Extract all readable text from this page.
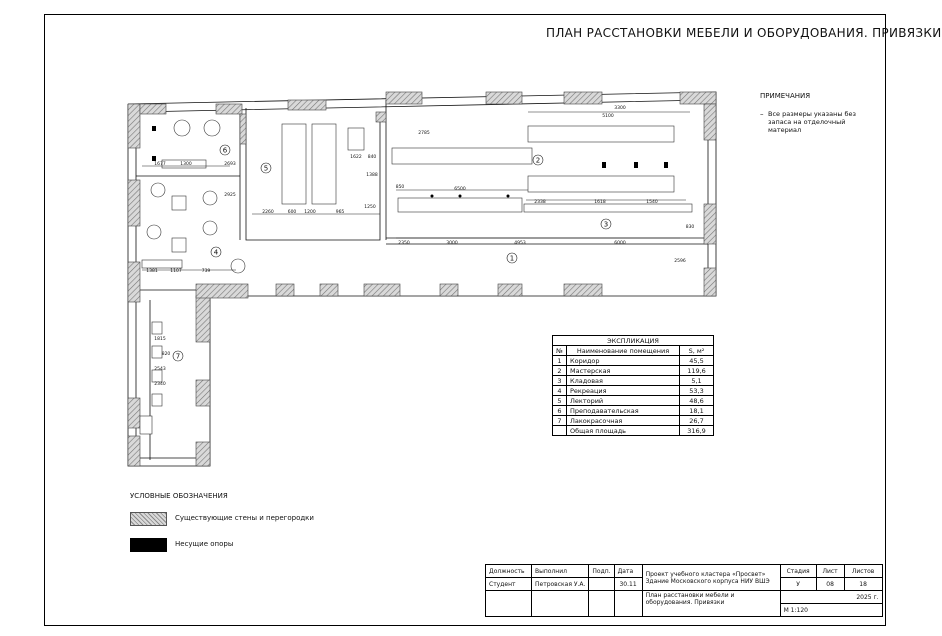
ПЛАН РАССТАНОВКИ МЕБЕЛИ И ОБОРУДОВАНИЯ. ПРИВЯЗКИ
ПРИМЕЧАНИЯ
– Все размеры указаны без запаса на отделочный материал
1
2
3
4
5
6
7
2350	3000	4953	6000
6500
5100
3300
2260	600 1200	965
1622 840
2785
1677	1300	2693
1381	1107	739
2338	1618	1540
850
820
1815
2340
2543
2596
830
1250
1388
2925
ЭКСПЛИКАЦИЯ		
№	Наименование помещения	S, м²
1	Коридор	45,5
2	Мастерская	119,6
3	Кладовая	5,1
4	Рекреация	53,3
5	Лекторий	48,6
6	Преподавательская	18,1
7	Лакокрасочная	26,7
	Общая площадь	316,9
УСЛОВНЫЕ ОБОЗНАЧЕНИЯ
Существующие стены и перегородки
Несущие опоры
Должность	Выполнил	Подп.	Дата	Проект учебного кластера «Просвет» Здание Московского корпуса НИУ ВШЭ	Стадия	Лист	Листов
Студент	Петровская У.А.		30.11		У	08	18
				План расстановки мебели и оборудования. Привязки	2025 г.		
					М 1:120		
